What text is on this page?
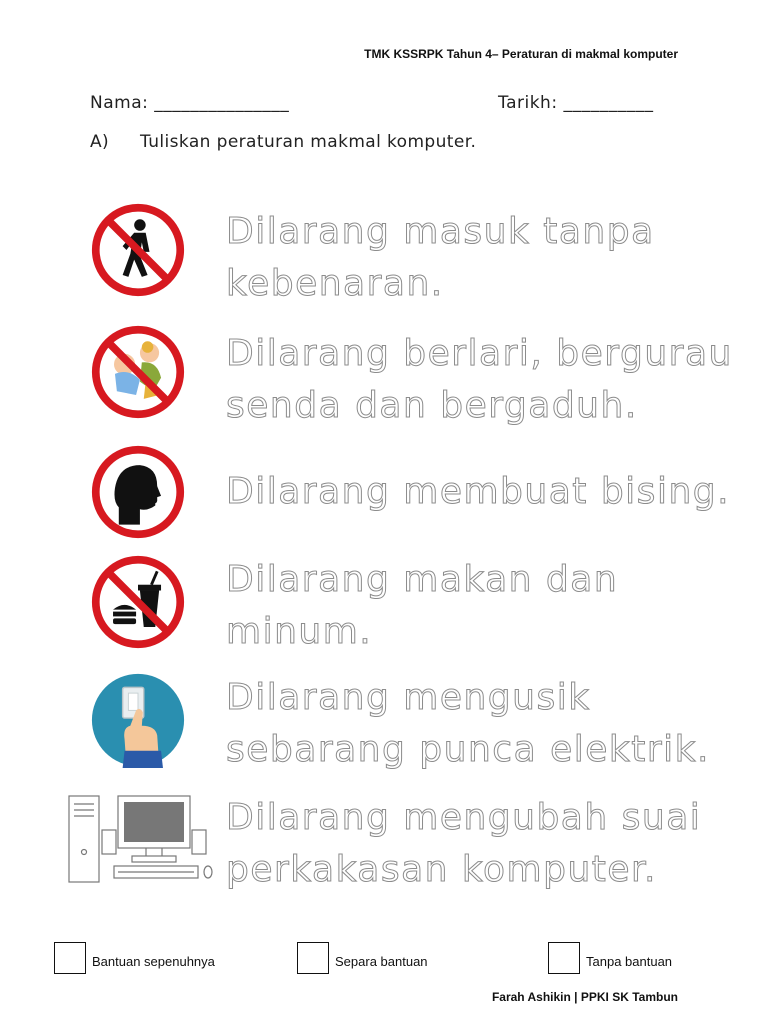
TMK KSSRPK Tahun 4– Peraturan di makmal komputer
Nama: _______________	Tarikh: __________
A) Tuliskan peraturan makmal komputer.

Dilarang masuk tanpa kebenaran.

Dilarang berlari, bergurau senda dan bergaduh.

Dilarang membuat bising.

Dilarang makan dan minum.

Dilarang mengusik sebarang punca elektrik.

Dilarang mengubah suai perkakasan komputer.

Bantuan sepenuhnya	Separa bantuan	Tanpa bantuan
Farah Ashikin | PPKI SK Tambun
